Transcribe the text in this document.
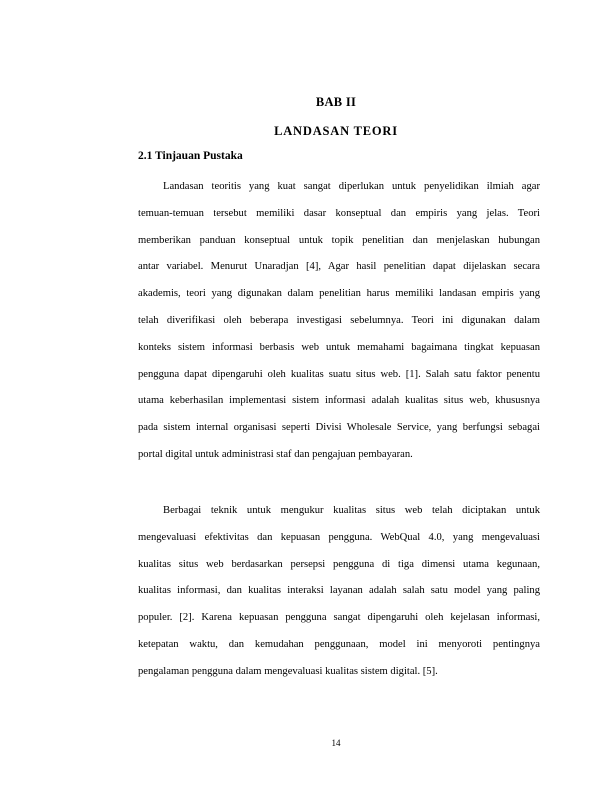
BAB II
LANDASAN TEORI
2.1 Tinjauan Pustaka
Landasan teoritis yang kuat sangat diperlukan untuk penyelidikan ilmiah agar
temuan-temuan tersebut memiliki dasar konseptual dan empiris yang jelas. Teori
memberikan panduan konseptual untuk topik penelitian dan menjelaskan hubungan
antar variabel. Menurut Unaradjan [4], Agar hasil penelitian dapat dijelaskan secara
akademis, teori yang digunakan dalam penelitian harus memiliki landasan empiris yang
telah diverifikasi oleh beberapa investigasi sebelumnya. Teori ini digunakan dalam
konteks sistem informasi berbasis web untuk memahami bagaimana tingkat kepuasan
pengguna dapat dipengaruhi oleh kualitas suatu situs web. [1]. Salah satu faktor penentu
utama keberhasilan implementasi sistem informasi adalah kualitas situs web, khususnya
pada sistem internal organisasi seperti Divisi Wholesale Service, yang berfungsi sebagai
portal digital untuk administrasi staf dan pengajuan pembayaran.
Berbagai teknik untuk mengukur kualitas situs web telah diciptakan untuk
mengevaluasi efektivitas dan kepuasan pengguna. WebQual 4.0, yang mengevaluasi
kualitas situs web berdasarkan persepsi pengguna di tiga dimensi utama kegunaan,
kualitas informasi, dan kualitas interaksi layanan adalah salah satu model yang paling
populer. [2]. Karena kepuasan pengguna sangat dipengaruhi oleh kejelasan informasi,
ketepatan waktu, dan kemudahan penggunaan, model ini menyoroti pentingnya
pengalaman pengguna dalam mengevaluasi kualitas sistem digital. [5].
14
